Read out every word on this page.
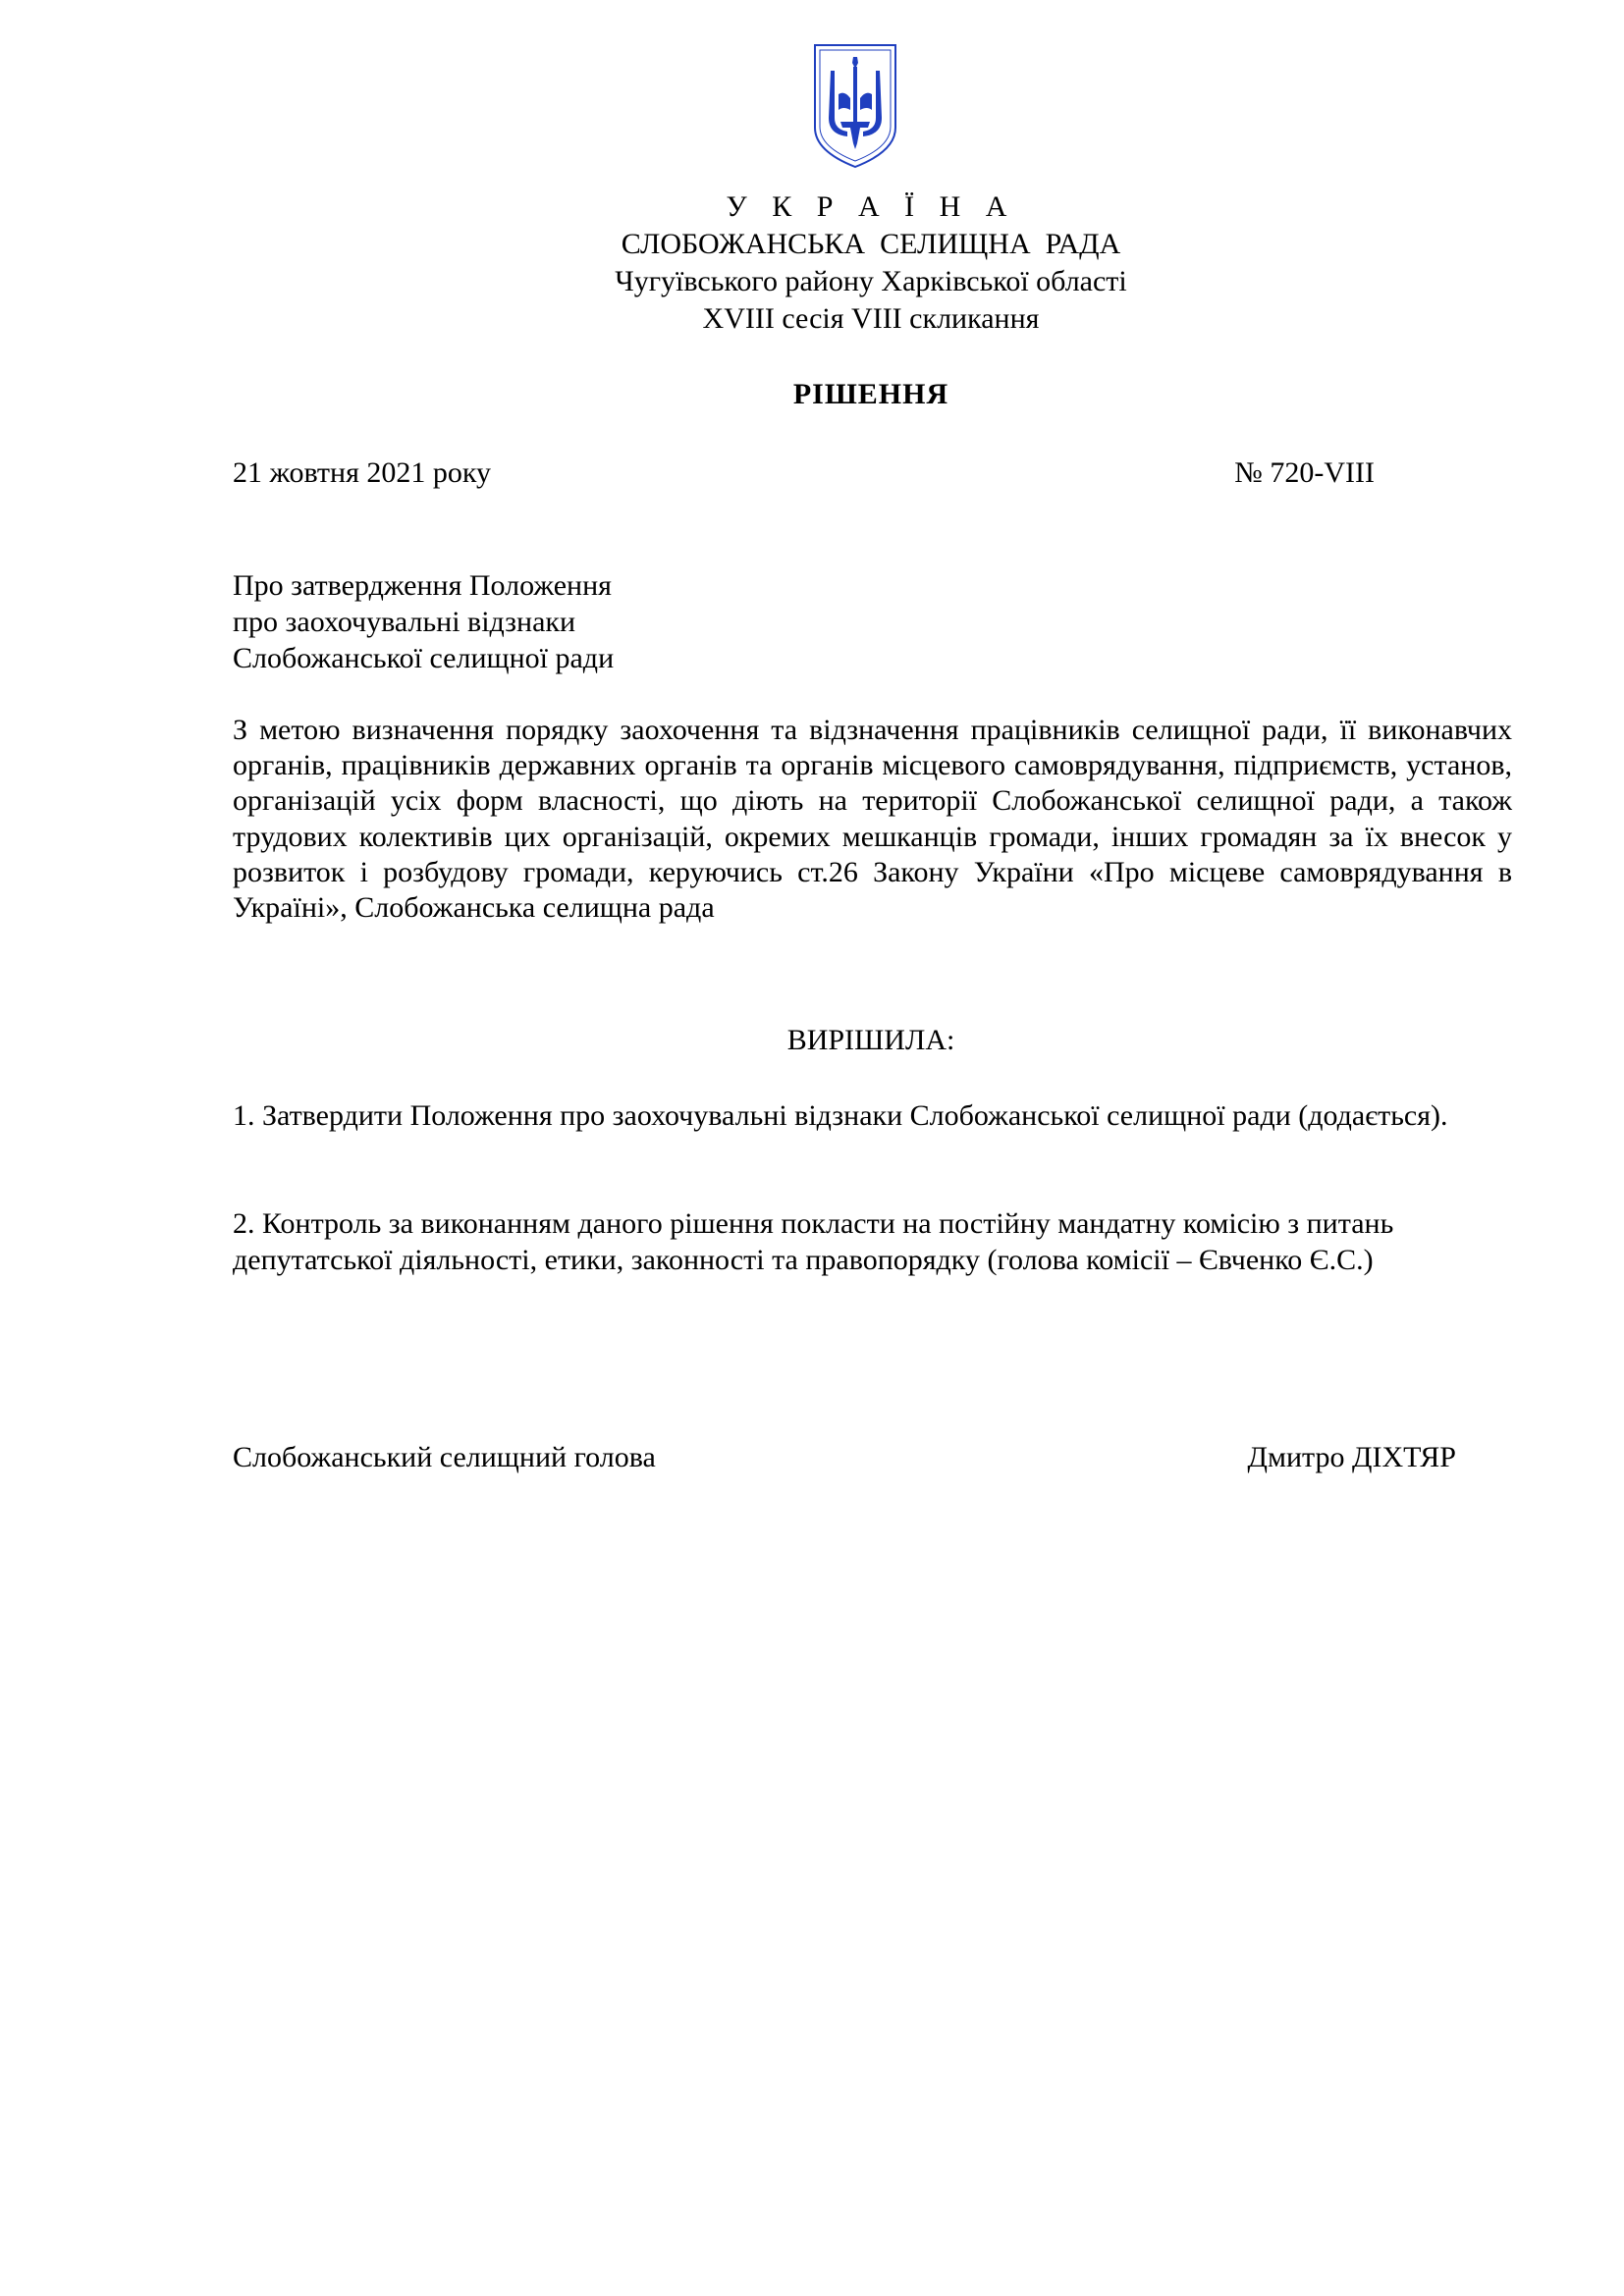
У К Р А Ї Н А
СЛОБОЖАНСЬКА  СЕЛИЩНА  РАДА
Чугуївського району Харківської області
XVIII сесія VIII скликання
РІШЕННЯ
21 жовтня 2021 року	№ 720-VIII
Про затвердження Положення
про заохочувальні відзнаки
Слобожанської селищної ради

З метою визначення порядку заохочення та відзначення працівників селищної ради, її виконавчих органів, працівників державних органів та органів місцевого самоврядування, підприємств, установ, організацій усіх форм власності, що діють на території Слобожанської селищної ради, а також трудових колективів цих організацій, окремих мешканців громади, інших громадян за їх внесок у розвиток і розбудову громади, керуючись ст.26 Закону України «Про місцеве самоврядування в Україні», Слобожанська селищна рада

ВИРІШИЛА:

1. Затвердити Положення про заохочувальні відзнаки Слобожанської селищної ради (додається).

2. Контроль за виконанням даного рішення покласти на постійну мандатну комісію з питань депутатської діяльності, етики, законності та правопорядку (голова комісії – Євченко Є.С.)

Слобожанський селищний голова	Дмитро ДІХТЯР
